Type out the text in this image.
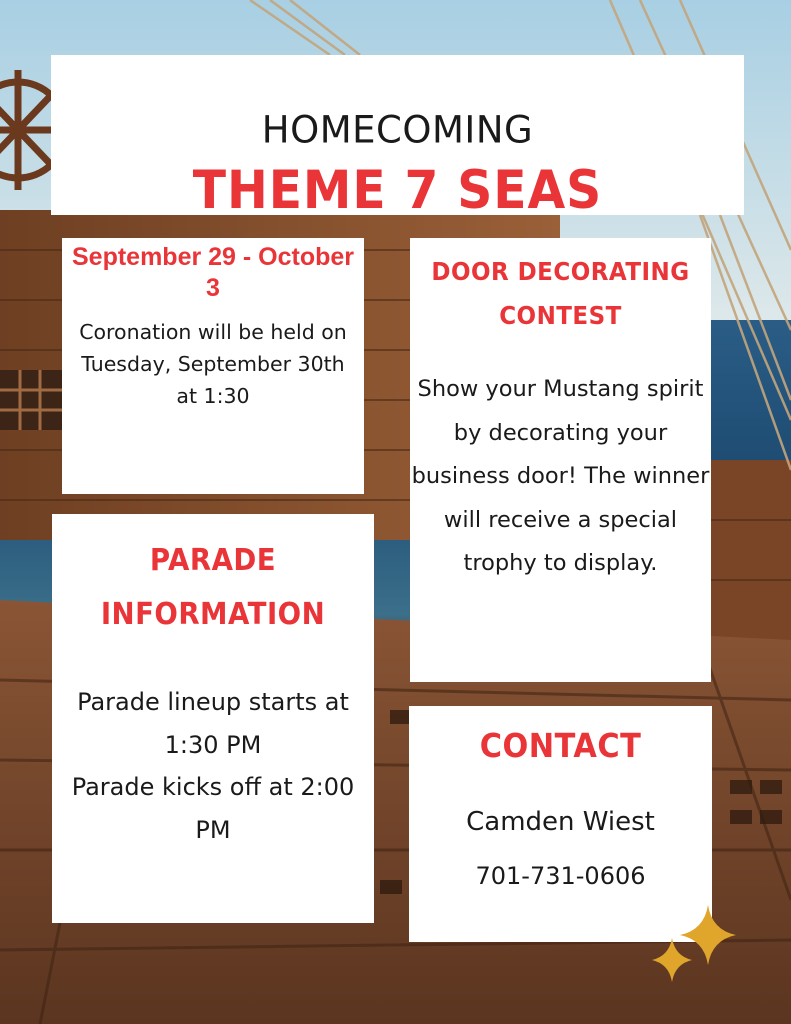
HOMECOMING
THEME 7 SEAS
September 29 - October 3
Coronation will be held on Tuesday, September 30th at 1:30
DOOR DECORATING CONTEST
Show your Mustang spirit by decorating your business door! The winner will receive a special trophy to display.
PARADE INFORMATION
Parade lineup starts at 1:30 PM
Parade kicks off at 2:00 PM
CONTACT
Camden Wiest
701-731-0606
